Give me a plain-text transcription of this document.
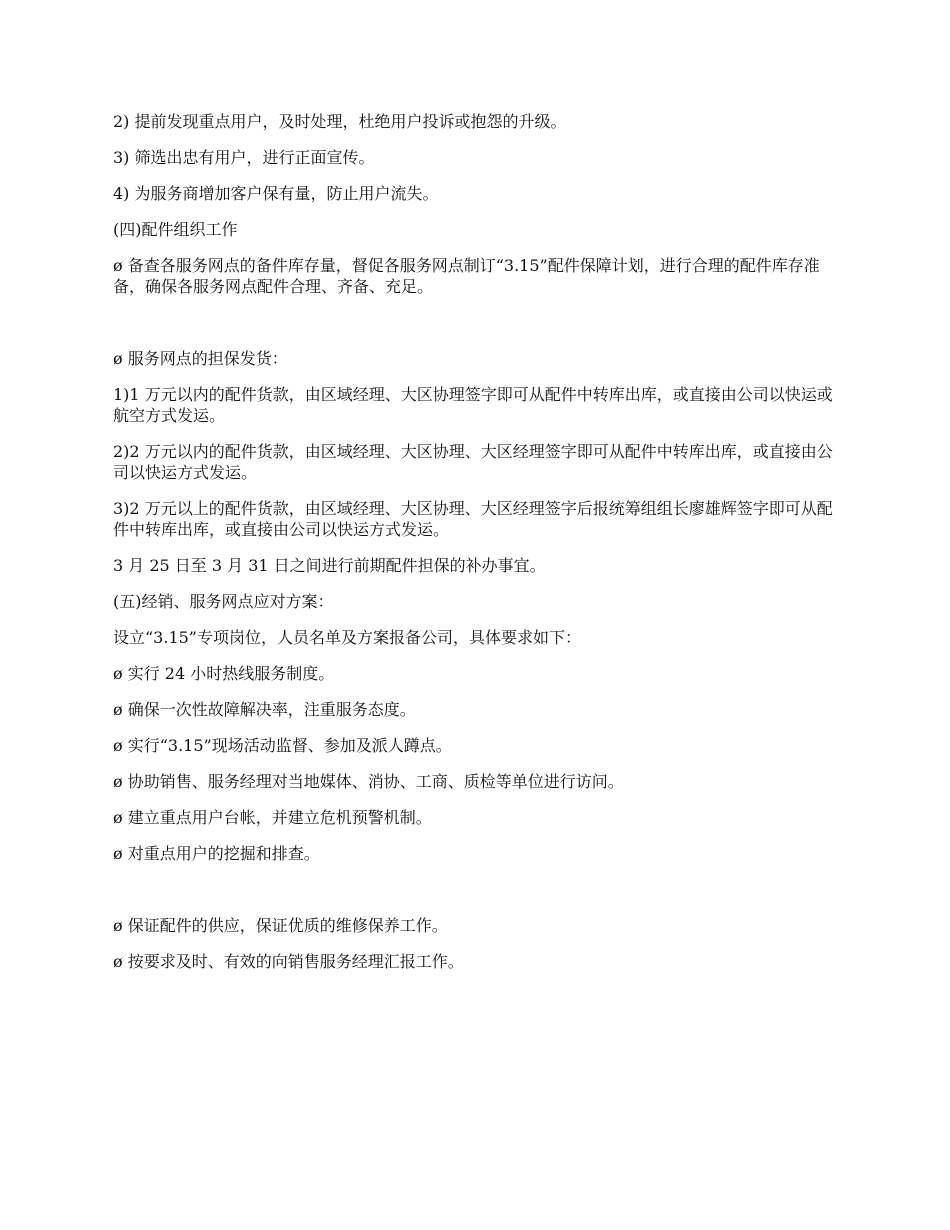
2) 提前发现重点用户，及时处理，杜绝用户投诉或抱怨的升级。

3) 筛选出忠有用户，进行正面宣传。

4) 为服务商增加客户保有量，防止用户流失。

(四)配件组织工作

ø 备查各服务网点的备件库存量，督促各服务网点制订“3.15”配件保障计划，进行合理的配件库存准备，确保各服务网点配件合理、齐备、充足。

ø 服务网点的担保发货：

1)1 万元以内的配件货款，由区域经理、大区协理签字即可从配件中转库出库，或直接由公司以快运或航空方式发运。

2)2 万元以内的配件货款，由区域经理、大区协理、大区经理签字即可从配件中转库出库，或直接由公司以快运方式发运。

3)2 万元以上的配件货款，由区域经理、大区协理、大区经理签字后报统筹组组长廖雄辉签字即可从配件中转库出库，或直接由公司以快运方式发运。

3 月 25 日至 3 月 31 日之间进行前期配件担保的补办事宜。

(五)经销、服务网点应对方案：

设立“3.15”专项岗位，人员名单及方案报备公司，具体要求如下：

ø 实行 24 小时热线服务制度。

ø 确保一次性故障解决率，注重服务态度。

ø 实行“3.15”现场活动监督、参加及派人蹲点。

ø 协助销售、服务经理对当地媒体、消协、工商、质检等单位进行访问。

ø 建立重点用户台帐，并建立危机预警机制。

ø 对重点用户的挖掘和排查。

ø 保证配件的供应，保证优质的维修保养工作。

ø 按要求及时、有效的向销售服务经理汇报工作。
